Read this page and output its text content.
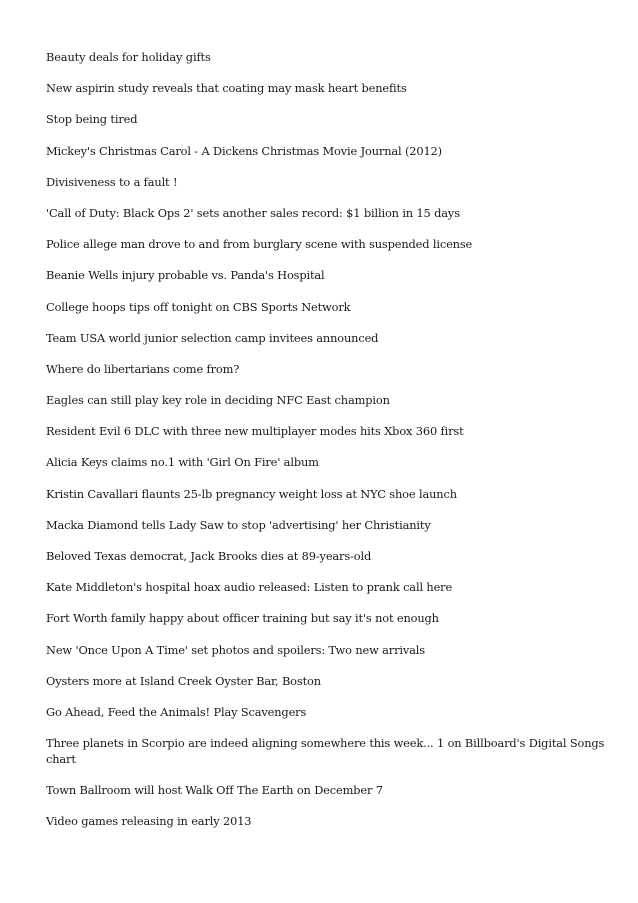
Beauty deals for holiday gifts
New aspirin study reveals that coating may mask heart benefits
Stop being tired
Mickey's Christmas Carol - A Dickens Christmas Movie Journal (2012)
Divisiveness to a fault !
'Call of Duty: Black Ops 2' sets another sales record: $1 billion in 15 days
Police allege man drove to and from burglary scene with suspended license
Beanie Wells injury probable vs. Panda's Hospital
College hoops tips off tonight on CBS Sports Network
Team USA world junior selection camp invitees announced
Where do libertarians come from?
Eagles can still play key role in deciding NFC East champion
Resident Evil 6 DLC with three new multiplayer modes hits Xbox 360 first
Alicia Keys claims no.1 with 'Girl On Fire' album
Kristin Cavallari flaunts 25-lb pregnancy weight loss at NYC shoe launch
Macka Diamond tells Lady Saw to stop 'advertising' her Christianity
Beloved Texas democrat, Jack Brooks dies at 89-years-old
Kate Middleton's hospital hoax audio released: Listen to prank call here
Fort Worth family happy about officer training but say it's not enough
New 'Once Upon A Time' set photos and spoilers: Two new arrivals
Oysters more at Island Creek Oyster Bar, Boston
Go Ahead, Feed the Animals! Play Scavengers
Three planets in Scorpio are indeed aligning somewhere this week... 1 on Billboard's Digital Songs chart
Town Ballroom will host Walk Off The Earth on December 7
Video games releasing in early 2013
